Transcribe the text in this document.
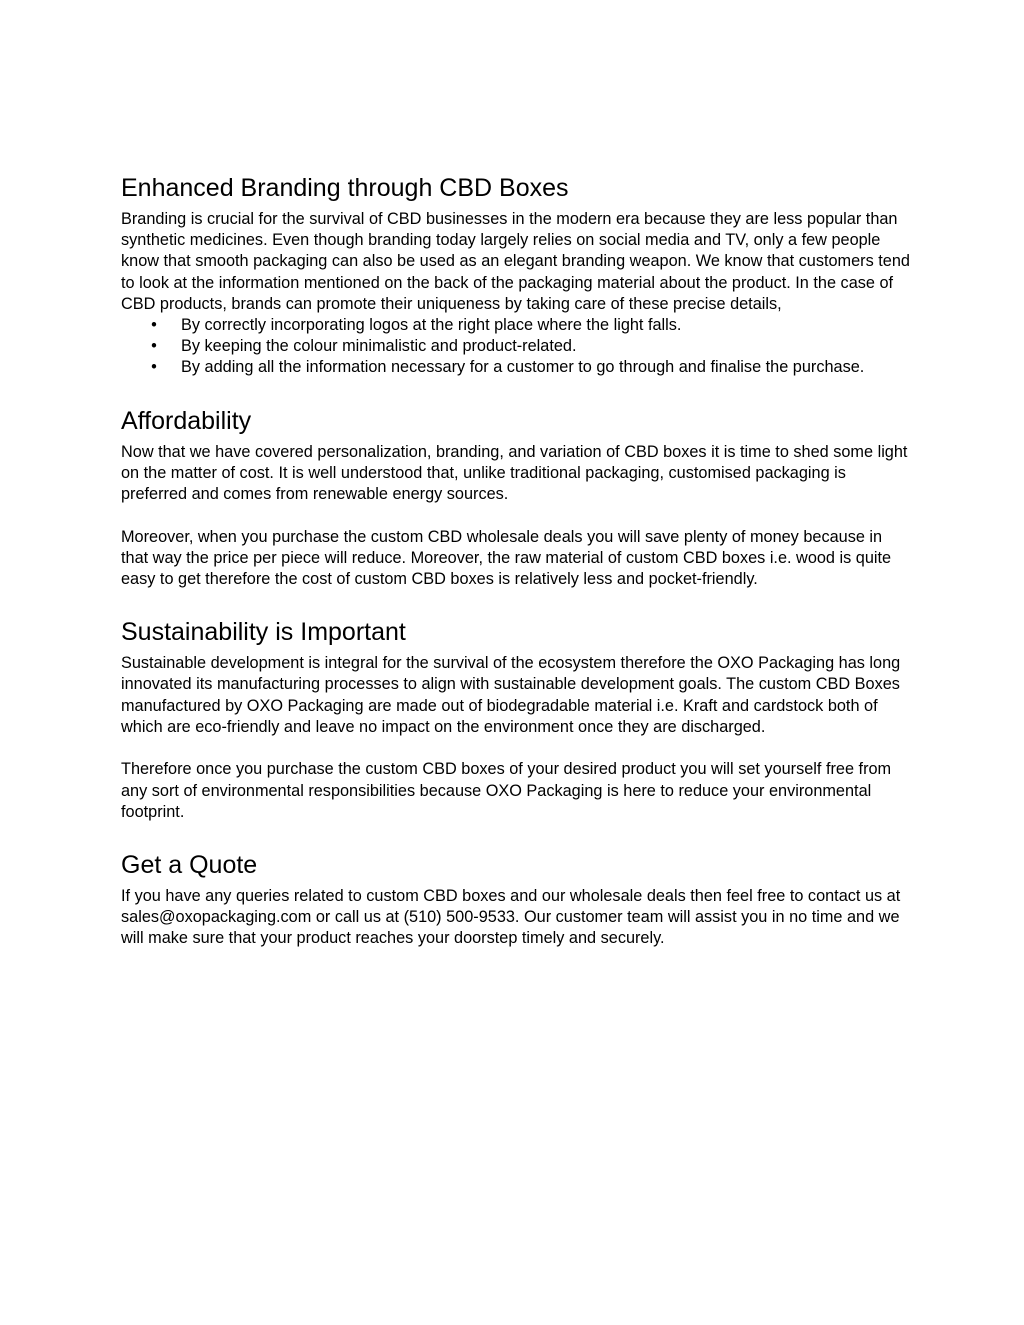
Enhanced Branding through CBD Boxes

Branding is crucial for the survival of CBD businesses in the modern era because they are less popular than synthetic medicines. Even though branding today largely relies on social media and TV, only a few people know that smooth packaging can also be used as an elegant branding weapon. We know that customers tend to look at the information mentioned on the back of the packaging material about the product. In the case of CBD products, brands can promote their uniqueness by taking care of these precise details,

• By correctly incorporating logos at the right place where the light falls.
• By keeping the colour minimalistic and product-related.
• By adding all the information necessary for a customer to go through and finalise the purchase.
Affordability

Now that we have covered personalization, branding, and variation of CBD boxes it is time to shed some light on the matter of cost. It is well understood that, unlike traditional packaging, customised packaging is preferred and comes from renewable energy sources.

Moreover, when you purchase the custom CBD wholesale deals you will save plenty of money because in that way the price per piece will reduce. Moreover, the raw material of custom CBD boxes i.e. wood is quite easy to get therefore the cost of custom CBD boxes is relatively less and pocket-friendly.

Sustainability is Important

Sustainable development is integral for the survival of the ecosystem therefore the OXO Packaging has long innovated its manufacturing processes to align with sustainable development goals. The custom CBD Boxes manufactured by OXO Packaging are made out of biodegradable material i.e. Kraft and cardstock both of which are eco-friendly and leave no impact on the environment once they are discharged.

Therefore once you purchase the custom CBD boxes of your desired product you will set yourself free from any sort of environmental responsibilities because OXO Packaging is here to reduce your environmental footprint.

Get a Quote

If you have any queries related to custom CBD boxes and our wholesale deals then feel free to contact us at sales@oxopackaging.com or call us at (510) 500-9533. Our customer team will assist you in no time and we will make sure that your product reaches your doorstep timely and securely.
